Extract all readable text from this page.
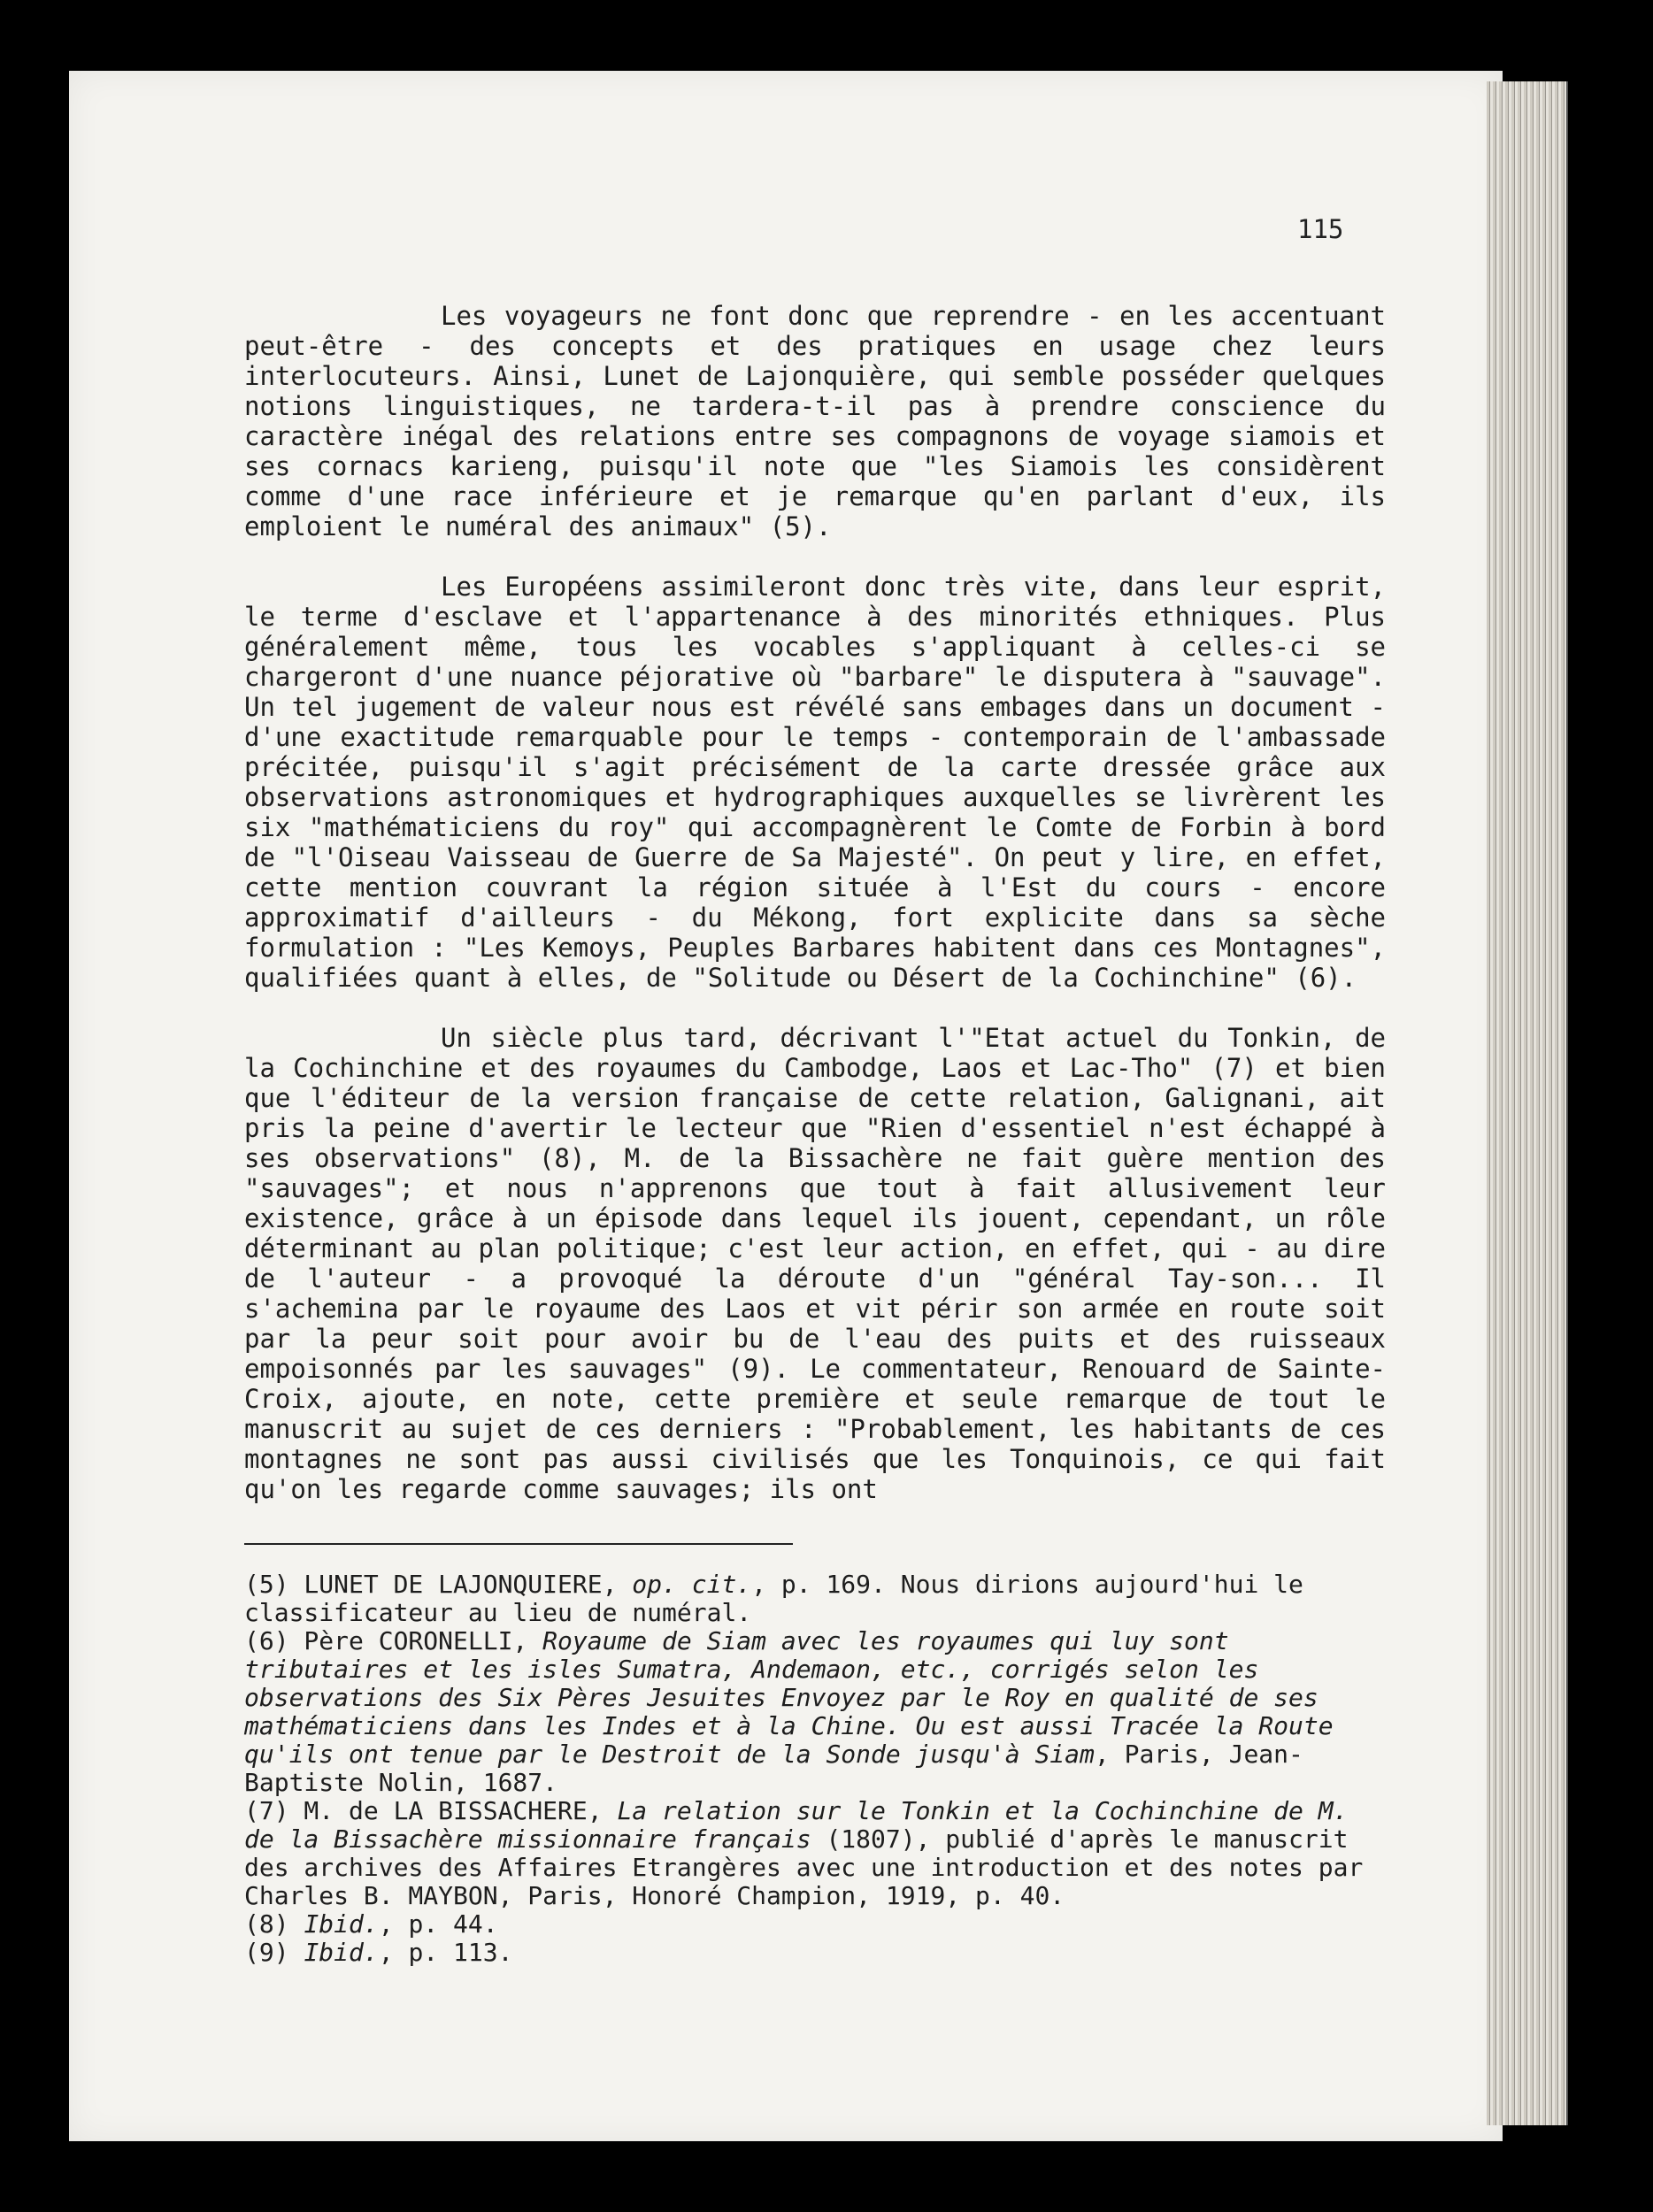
115

Les voyageurs ne font donc que reprendre - en les accentuant peut-être - des concepts et des pratiques en usage chez leurs interlocuteurs. Ainsi, Lunet de Lajonquière, qui semble posséder quelques notions linguistiques, ne tardera-t-il pas à prendre conscience du caractère inégal des relations entre ses compagnons de voyage siamois et ses cornacs karieng, puisqu'il note que "les Siamois les considèrent comme d'une race inférieure et je remarque qu'en parlant d'eux, ils emploient le numéral des animaux" (5).

Les Européens assimileront donc très vite, dans leur esprit, le terme d'esclave et l'appartenance à des minorités ethniques. Plus généralement même, tous les vocables s'appliquant à celles-ci se chargeront d'une nuance péjorative où "barbare" le disputera à "sauvage". Un tel jugement de valeur nous est révélé sans embages dans un document - d'une exactitude remarquable pour le temps - contemporain de l'ambassade précitée, puisqu'il s'agit précisément de la carte dressée grâce aux observations astronomiques et hydrographiques auxquelles se livrèrent les six "mathématiciens du roy" qui accompagnèrent le Comte de Forbin à bord de "l'Oiseau Vaisseau de Guerre de Sa Majesté". On peut y lire, en effet, cette mention couvrant la région située à l'Est du cours - encore approximatif d'ailleurs - du Mékong, fort explicite dans sa sèche formulation : "Les Kemoys, Peuples Barbares habitent dans ces Montagnes", qualifiées quant à elles, de "Solitude ou Désert de la Cochinchine" (6).

Un siècle plus tard, décrivant l'"Etat actuel du Tonkin, de la Cochinchine et des royaumes du Cambodge, Laos et Lac-Tho" (7) et bien que l'éditeur de la version française de cette relation, Galignani, ait pris la peine d'avertir le lecteur que "Rien d'essentiel n'est échappé à ses observations" (8), M. de la Bissachère ne fait guère mention des "sauvages"; et nous n'apprenons que tout à fait allusivement leur existence, grâce à un épisode dans lequel ils jouent, cependant, un rôle déterminant au plan politique; c'est leur action, en effet, qui - au dire de l'auteur - a provoqué la déroute d'un "général Tay-son... Il s'achemina par le royaume des Laos et vit périr son armée en route soit par la peur soit pour avoir bu de l'eau des puits et des ruisseaux empoisonnés par les sauvages" (9). Le commentateur, Renouard de Sainte-Croix, ajoute, en note, cette première et seule remarque de tout le manuscrit au sujet de ces derniers : "Probablement, les habitants de ces montagnes ne sont pas aussi civilisés que les Tonquinois, ce qui fait qu'on les regarde comme sauvages; ils ont

(5) LUNET DE LAJONQUIERE, op. cit., p. 169. Nous dirions aujourd'hui le classificateur au lieu de numéral.

(6) Père CORONELLI, Royaume de Siam avec les royaumes qui luy sont tributaires et les isles Sumatra, Andemaon, etc., corrigés selon les observations des Six Pères Jesuites Envoyez par le Roy en qualité de ses mathématiciens dans les Indes et à la Chine. Ou est aussi Tracée la Route qu'ils ont tenue par le Destroit de la Sonde jusqu'à Siam, Paris, Jean-Baptiste Nolin, 1687.

(7) M. de LA BISSACHERE, La relation sur le Tonkin et la Cochinchine de M. de la Bissachère missionnaire français (1807), publié d'après le manuscrit des archives des Affaires Etrangères avec une introduction et des notes par Charles B. MAYBON, Paris, Honoré Champion, 1919, p. 40.

(8) Ibid., p. 44.

(9) Ibid., p. 113.
